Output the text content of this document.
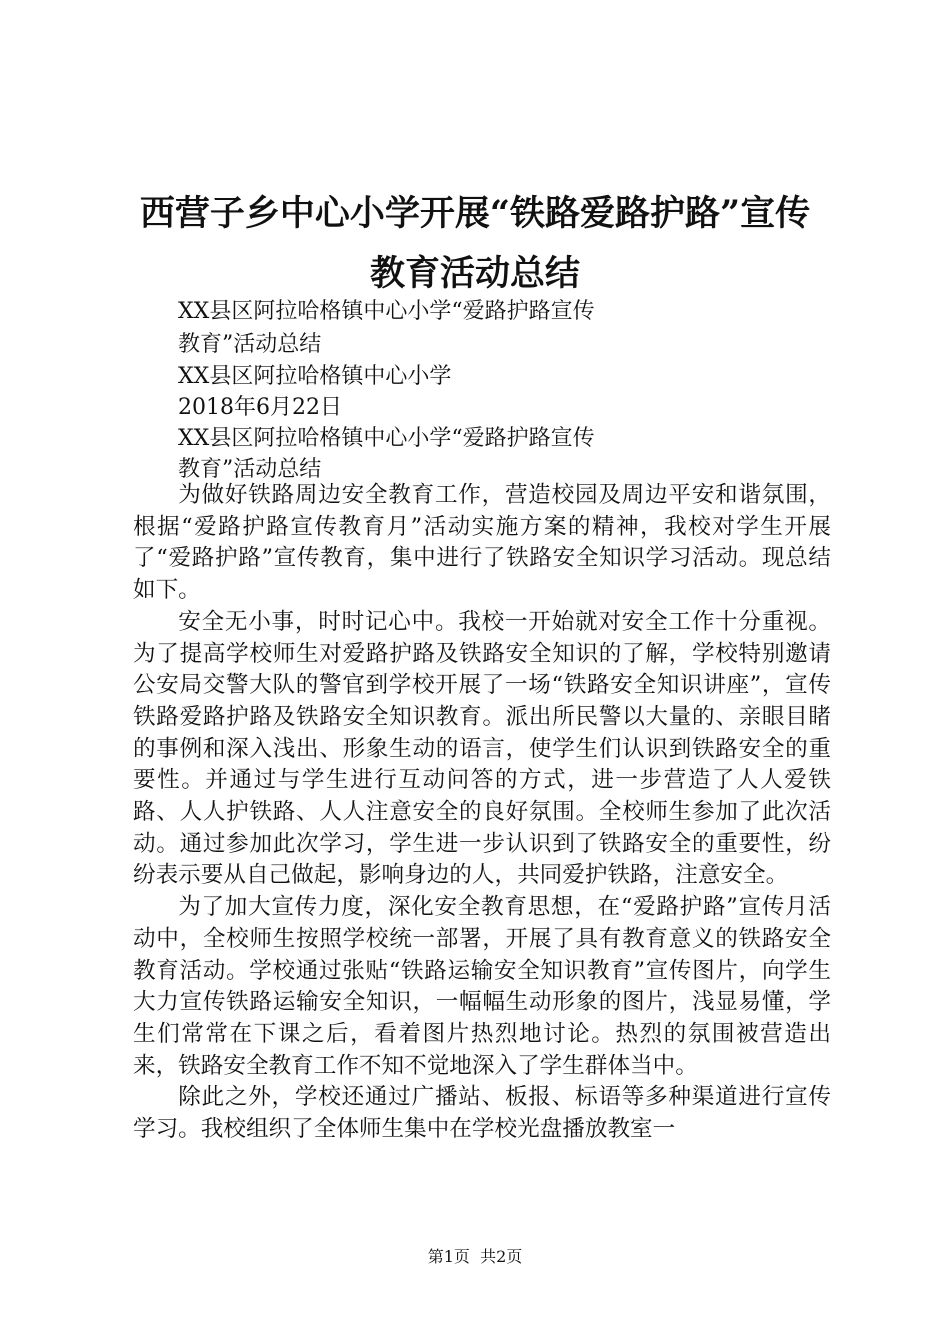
西营子乡中心小学开展“铁路爱路护路”宣传
教育活动总结
XX县区阿拉哈格镇中心小学“爱路护路宣传
教育”活动总结
XX县区阿拉哈格镇中心小学
2018年6月22日
XX县区阿拉哈格镇中心小学“爱路护路宣传
教育”活动总结

为做好铁路周边安全教育工作，营造校园及周边平安和谐氛围，根据“爱路护路宣传教育月”活动实施方案的精神，我校对学生开展了“爱路护路”宣传教育，集中进行了铁路安全知识学习活动。现总结如下。

安全无小事，时时记心中。我校一开始就对安全工作十分重视。为了提高学校师生对爱路护路及铁路安全知识的了解，学校特别邀请公安局交警大队的警官到学校开展了一场“铁路安全知识讲座”，宣传铁路爱路护路及铁路安全知识教育。派出所民警以大量的、亲眼目睹的事例和深入浅出、形象生动的语言，使学生们认识到铁路安全的重要性。并通过与学生进行互动问答的方式，进一步营造了人人爱铁路、人人护铁路、人人注意安全的良好氛围。全校师生参加了此次活动。通过参加此次学习，学生进一步认识到了铁路安全的重要性，纷纷表示要从自己做起，影响身边的人，共同爱护铁路，注意安全。

为了加大宣传力度，深化安全教育思想，在“爱路护路”宣传月活动中，全校师生按照学校统一部署，开展了具有教育意义的铁路安全教育活动。学校通过张贴“铁路运输安全知识教育”宣传图片，向学生大力宣传铁路运输安全知识，一幅幅生动形象的图片，浅显易懂，学生们常常在下课之后，看着图片热烈地讨论。热烈的氛围被营造出来，铁路安全教育工作不知不觉地深入了学生群体当中。

除此之外，学校还通过广播站、板报、标语等多种渠道进行宣传学习。我校组织了全体师生集中在学校光盘播放教室一

第1页  共2页
